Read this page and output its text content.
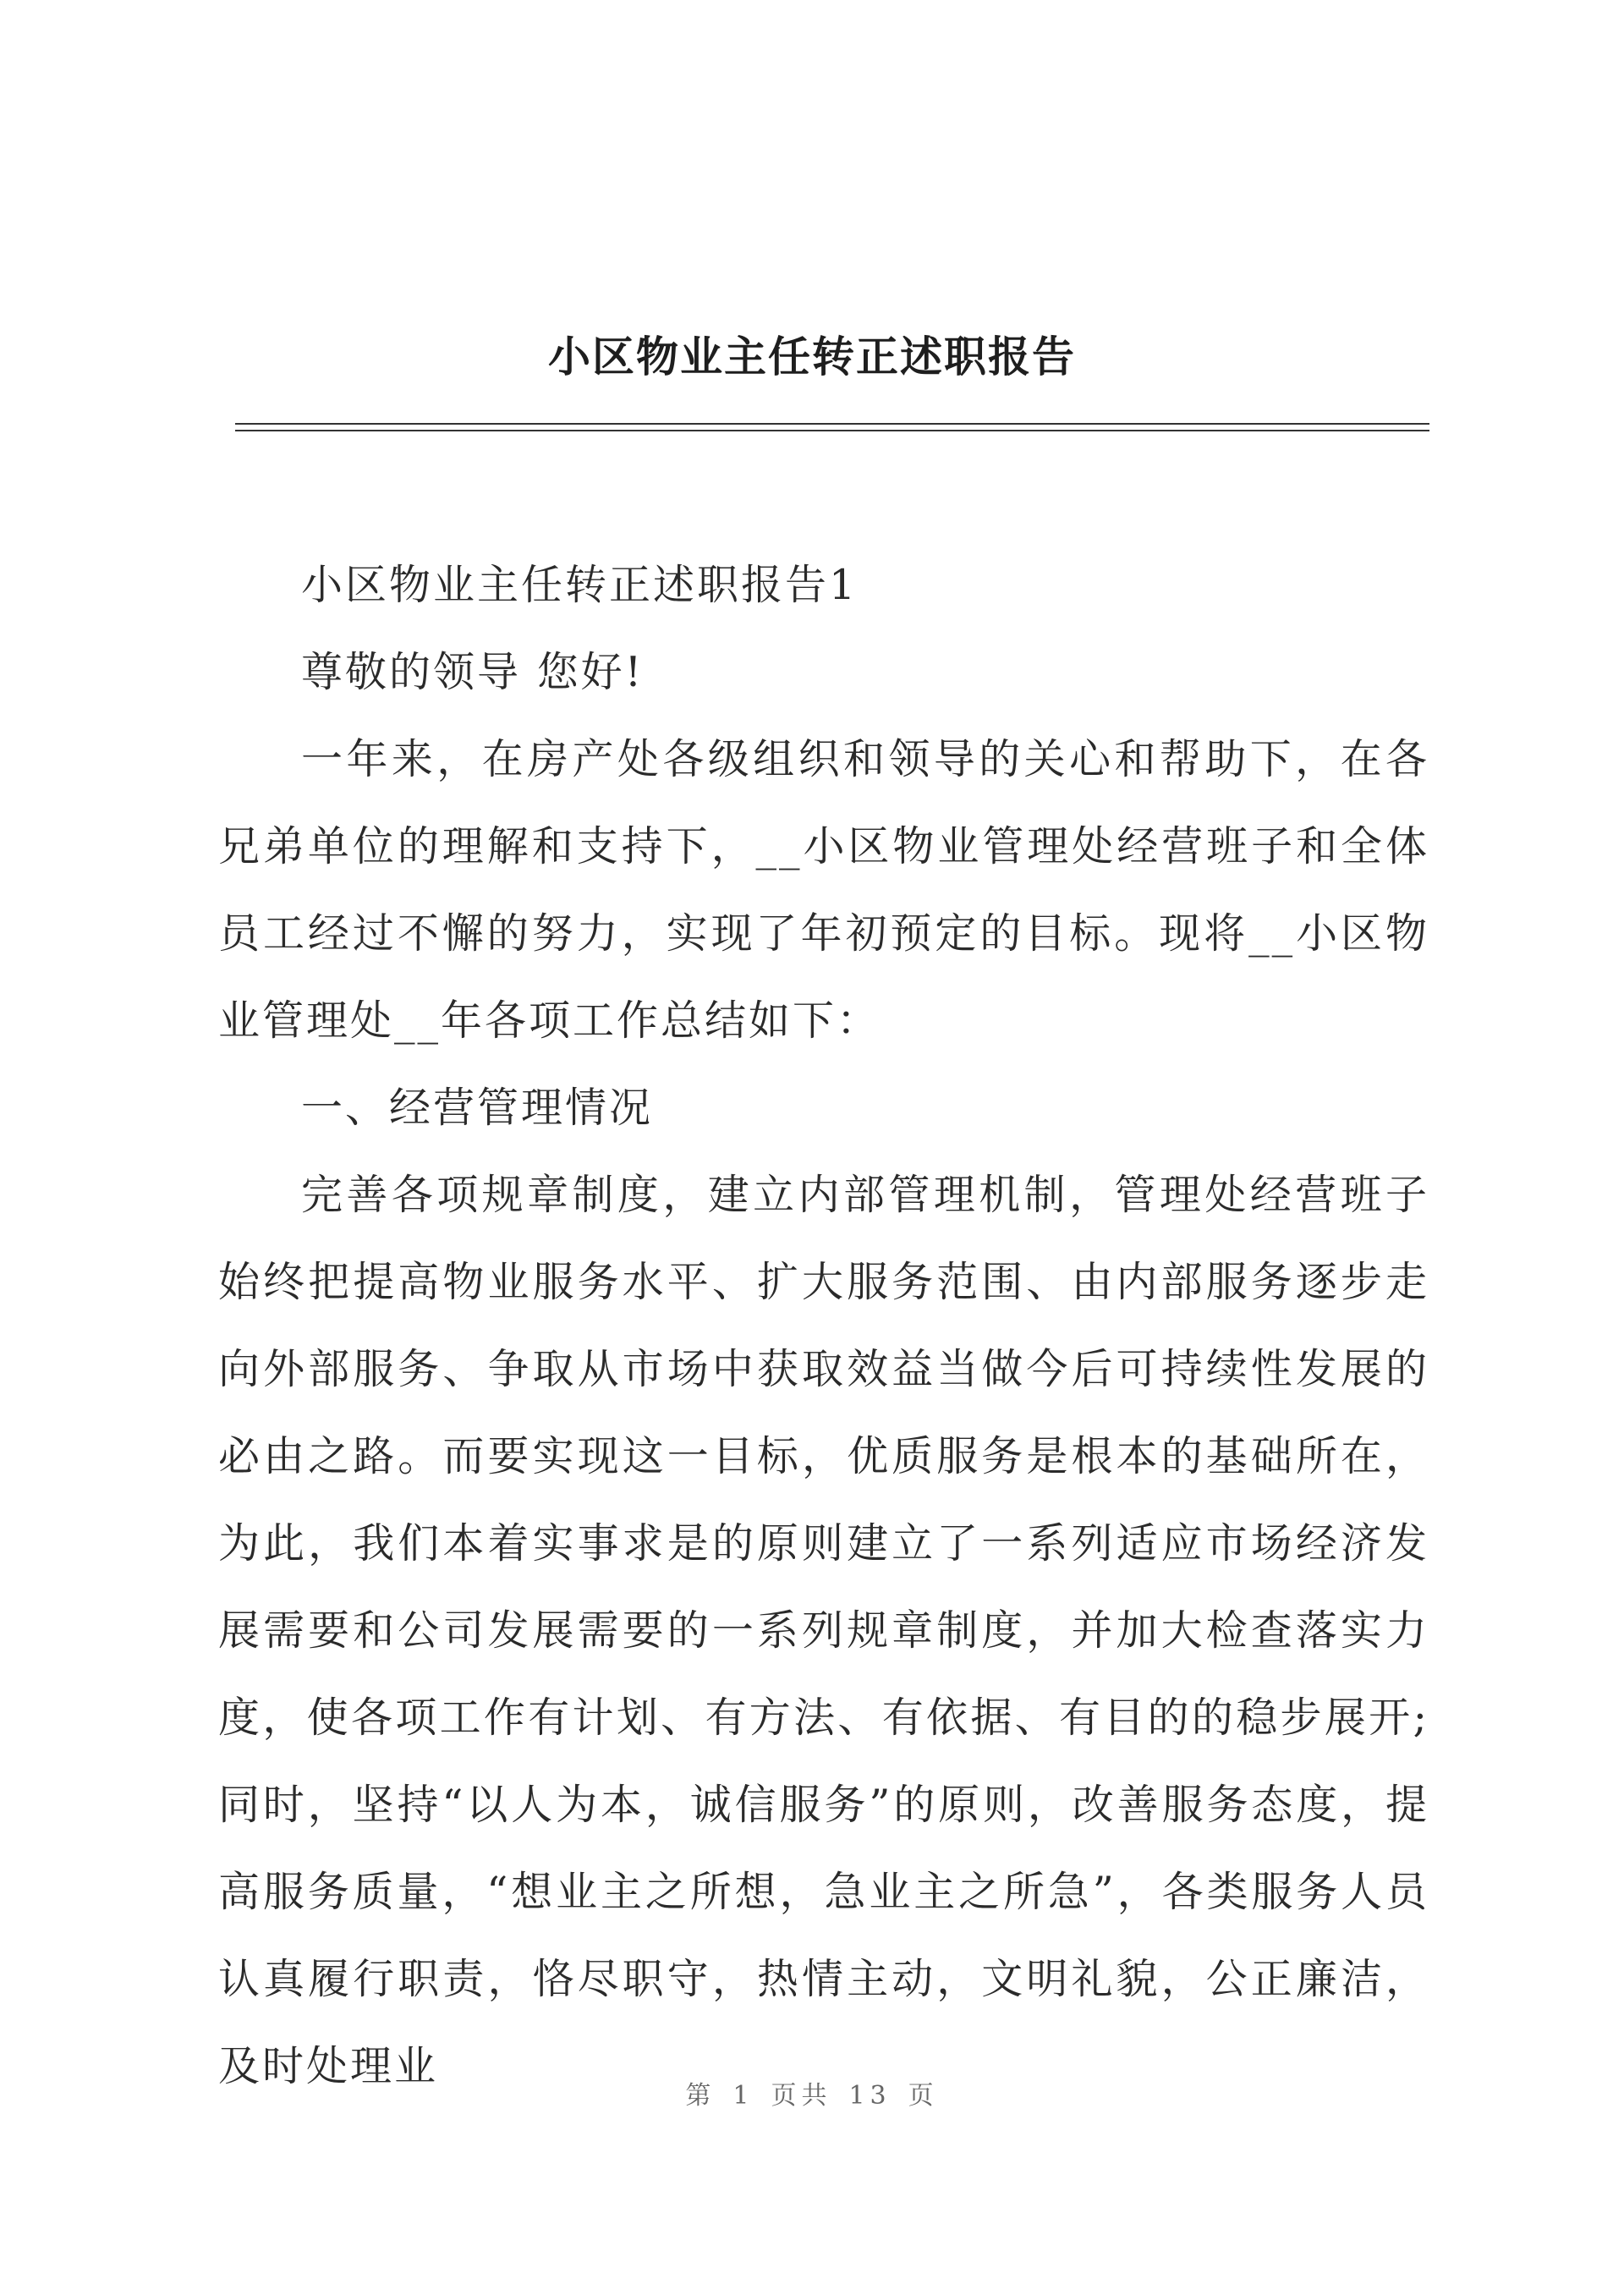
小区物业主任转正述职报告

小区物业主任转正述职报告1

尊敬的领导 您好!

一年来，在房产处各级组织和领导的关心和帮助下，在各兄弟单位的理解和支持下，__小区物业管理处经营班子和全体员工经过不懈的努力，实现了年初预定的目标。现将__小区物业管理处__年各项工作总结如下：

一、经营管理情况

完善各项规章制度，建立内部管理机制，管理处经营班子始终把提高物业服务水平、扩大服务范围、由内部服务逐步走向外部服务、争取从市场中获取效益当做今后可持续性发展的必由之路。而要实现这一目标，优质服务是根本的基础所在，为此，我们本着实事求是的原则建立了一系列适应市场经济发展需要和公司发展需要的一系列规章制度，并加大检查落实力度，使各项工作有计划、有方法、有依据、有目的的稳步展开;同时，坚持“以人为本，诚信服务”的原则，改善服务态度，提高服务质量，“想业主之所想，急业主之所急”，各类服务人员认真履行职责，恪尽职守，热情主动，文明礼貌，公正廉洁，及时处理业

第 1 页共 13 页
